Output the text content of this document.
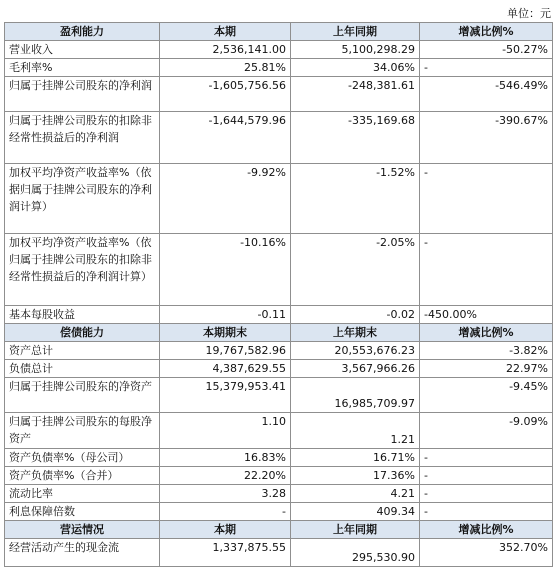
单位：元
盈利能力	本期	上年同期	增减比例%
营业收入	2,536,141.00	5,100,298.29	-50.27%
毛利率%	25.81%	34.06%	-
归属于挂牌公司股东的净利润	-1,605,756.56	-248,381.61	-546.49%
归属于挂牌公司股东的扣除非经常性损益后的净利润	-1,644,579.96	-335,169.68	-390.67%
加权平均净资产收益率%（依据归属于挂牌公司股东的净利润计算）	-9.92%	-1.52%	-
加权平均净资产收益率%（依归属于挂牌公司股东的扣除非经常性损益后的净利润计算）	-10.16%	-2.05%	-
基本每股收益	-0.11	-0.02	-450.00%
偿债能力	本期期末	上年期末	增减比例%
资产总计	19,767,582.96	20,553,676.23	-3.82%
负债总计	4,387,629.55	3,567,966.26	22.97%
归属于挂牌公司股东的净资产	15,379,953.41	16,985,709.97	-9.45%
归属于挂牌公司股东的每股净资产	1.10	1.21	-9.09%
资产负债率%（母公司）	16.83%	16.71%	-
资产负债率%（合并）	22.20%	17.36%	-
流动比率	3.28	4.21	-
利息保障倍数	-	409.34	-
营运情况	本期	上年同期	增减比例%
经营活动产生的现金流	1,337,875.55	295,530.90	352.70%
